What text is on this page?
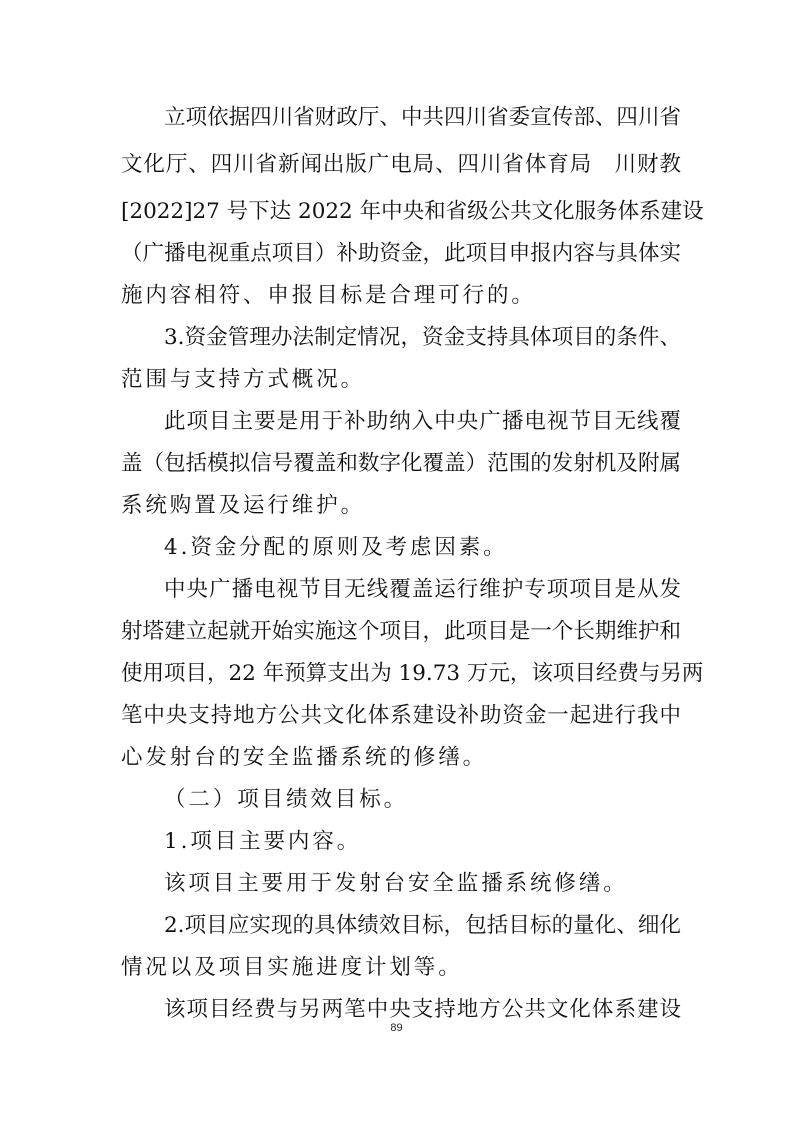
立项依据四川省财政厅、中共四川省委宣传部、四川省
文化厅、四川省新闻出版广电局、四川省体育局　川财教
[2022]27 号下达 2022 年中央和省级公共文化服务体系建设
（广播电视重点项目）补助资金，此项目申报内容与具体实
施内容相符、申报目标是合理可行的。
3.资金管理办法制定情况，资金支持具体项目的条件、
范围与支持方式概况。
此项目主要是用于补助纳入中央广播电视节目无线覆
盖（包括模拟信号覆盖和数字化覆盖）范围的发射机及附属
系统购置及运行维护。
4.资金分配的原则及考虑因素。
中央广播电视节目无线覆盖运行维护专项项目是从发
射塔建立起就开始实施这个项目，此项目是一个长期维护和
使用项目，22 年预算支出为 19.73 万元，该项目经费与另两
笔中央支持地方公共文化体系建设补助资金一起进行我中
心发射台的安全监播系统的修缮。
（二）项目绩效目标。
1.项目主要内容。
该项目主要用于发射台安全监播系统修缮。
2.项目应实现的具体绩效目标，包括目标的量化、细化
情况以及项目实施进度计划等。
该项目经费与另两笔中央支持地方公共文化体系建设
89
